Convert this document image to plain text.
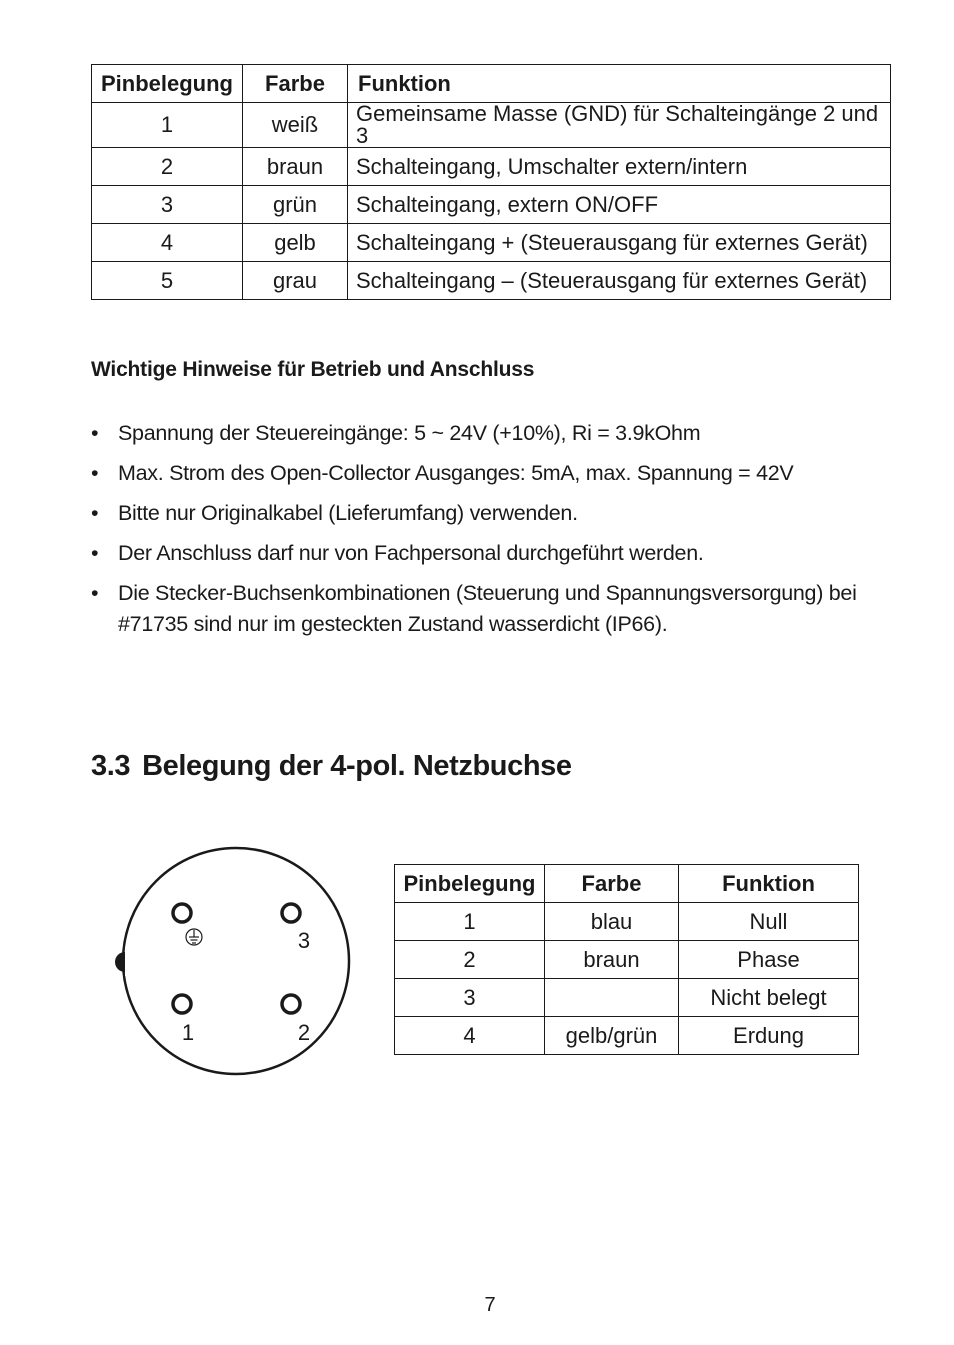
Pinbelegung	Farbe	Funktion
1	weiß	Gemeinsame Masse (GND) für Schalteingänge 2 und 3
2	braun	Schalteingang, Umschalter extern/intern
3	grün	Schalteingang, extern ON/OFF
4	gelb	Schalteingang + (Steuerausgang für externes Gerät)
5	grau	Schalteingang – (Steuerausgang für externes Gerät)
Wichtige Hinweise für Betrieb und Anschluss
• Spannung der Steuereingänge: 5 ~ 24V (+10%), Ri = 3.9kOhm
• Max. Strom des Open-Collector Ausganges: 5mA, max. Spannung = 42V
• Bitte nur Originalkabel (Lieferumfang) verwenden.
• Der Anschluss darf nur von Fachpersonal durchgeführt werden.
• Die Stecker-Buchsenkombinationen (Steuerung und Spannungsversorgung) bei #71735 sind nur im gesteckten Zustand wasserdicht (IP66).
3.3 Belegung der 4-pol. Netzbuchse
3
1	2
Pinbelegung	Farbe	Funktion
1	blau	Null
2	braun	Phase
3		Nicht belegt
4	gelb/grün	Erdung
7
